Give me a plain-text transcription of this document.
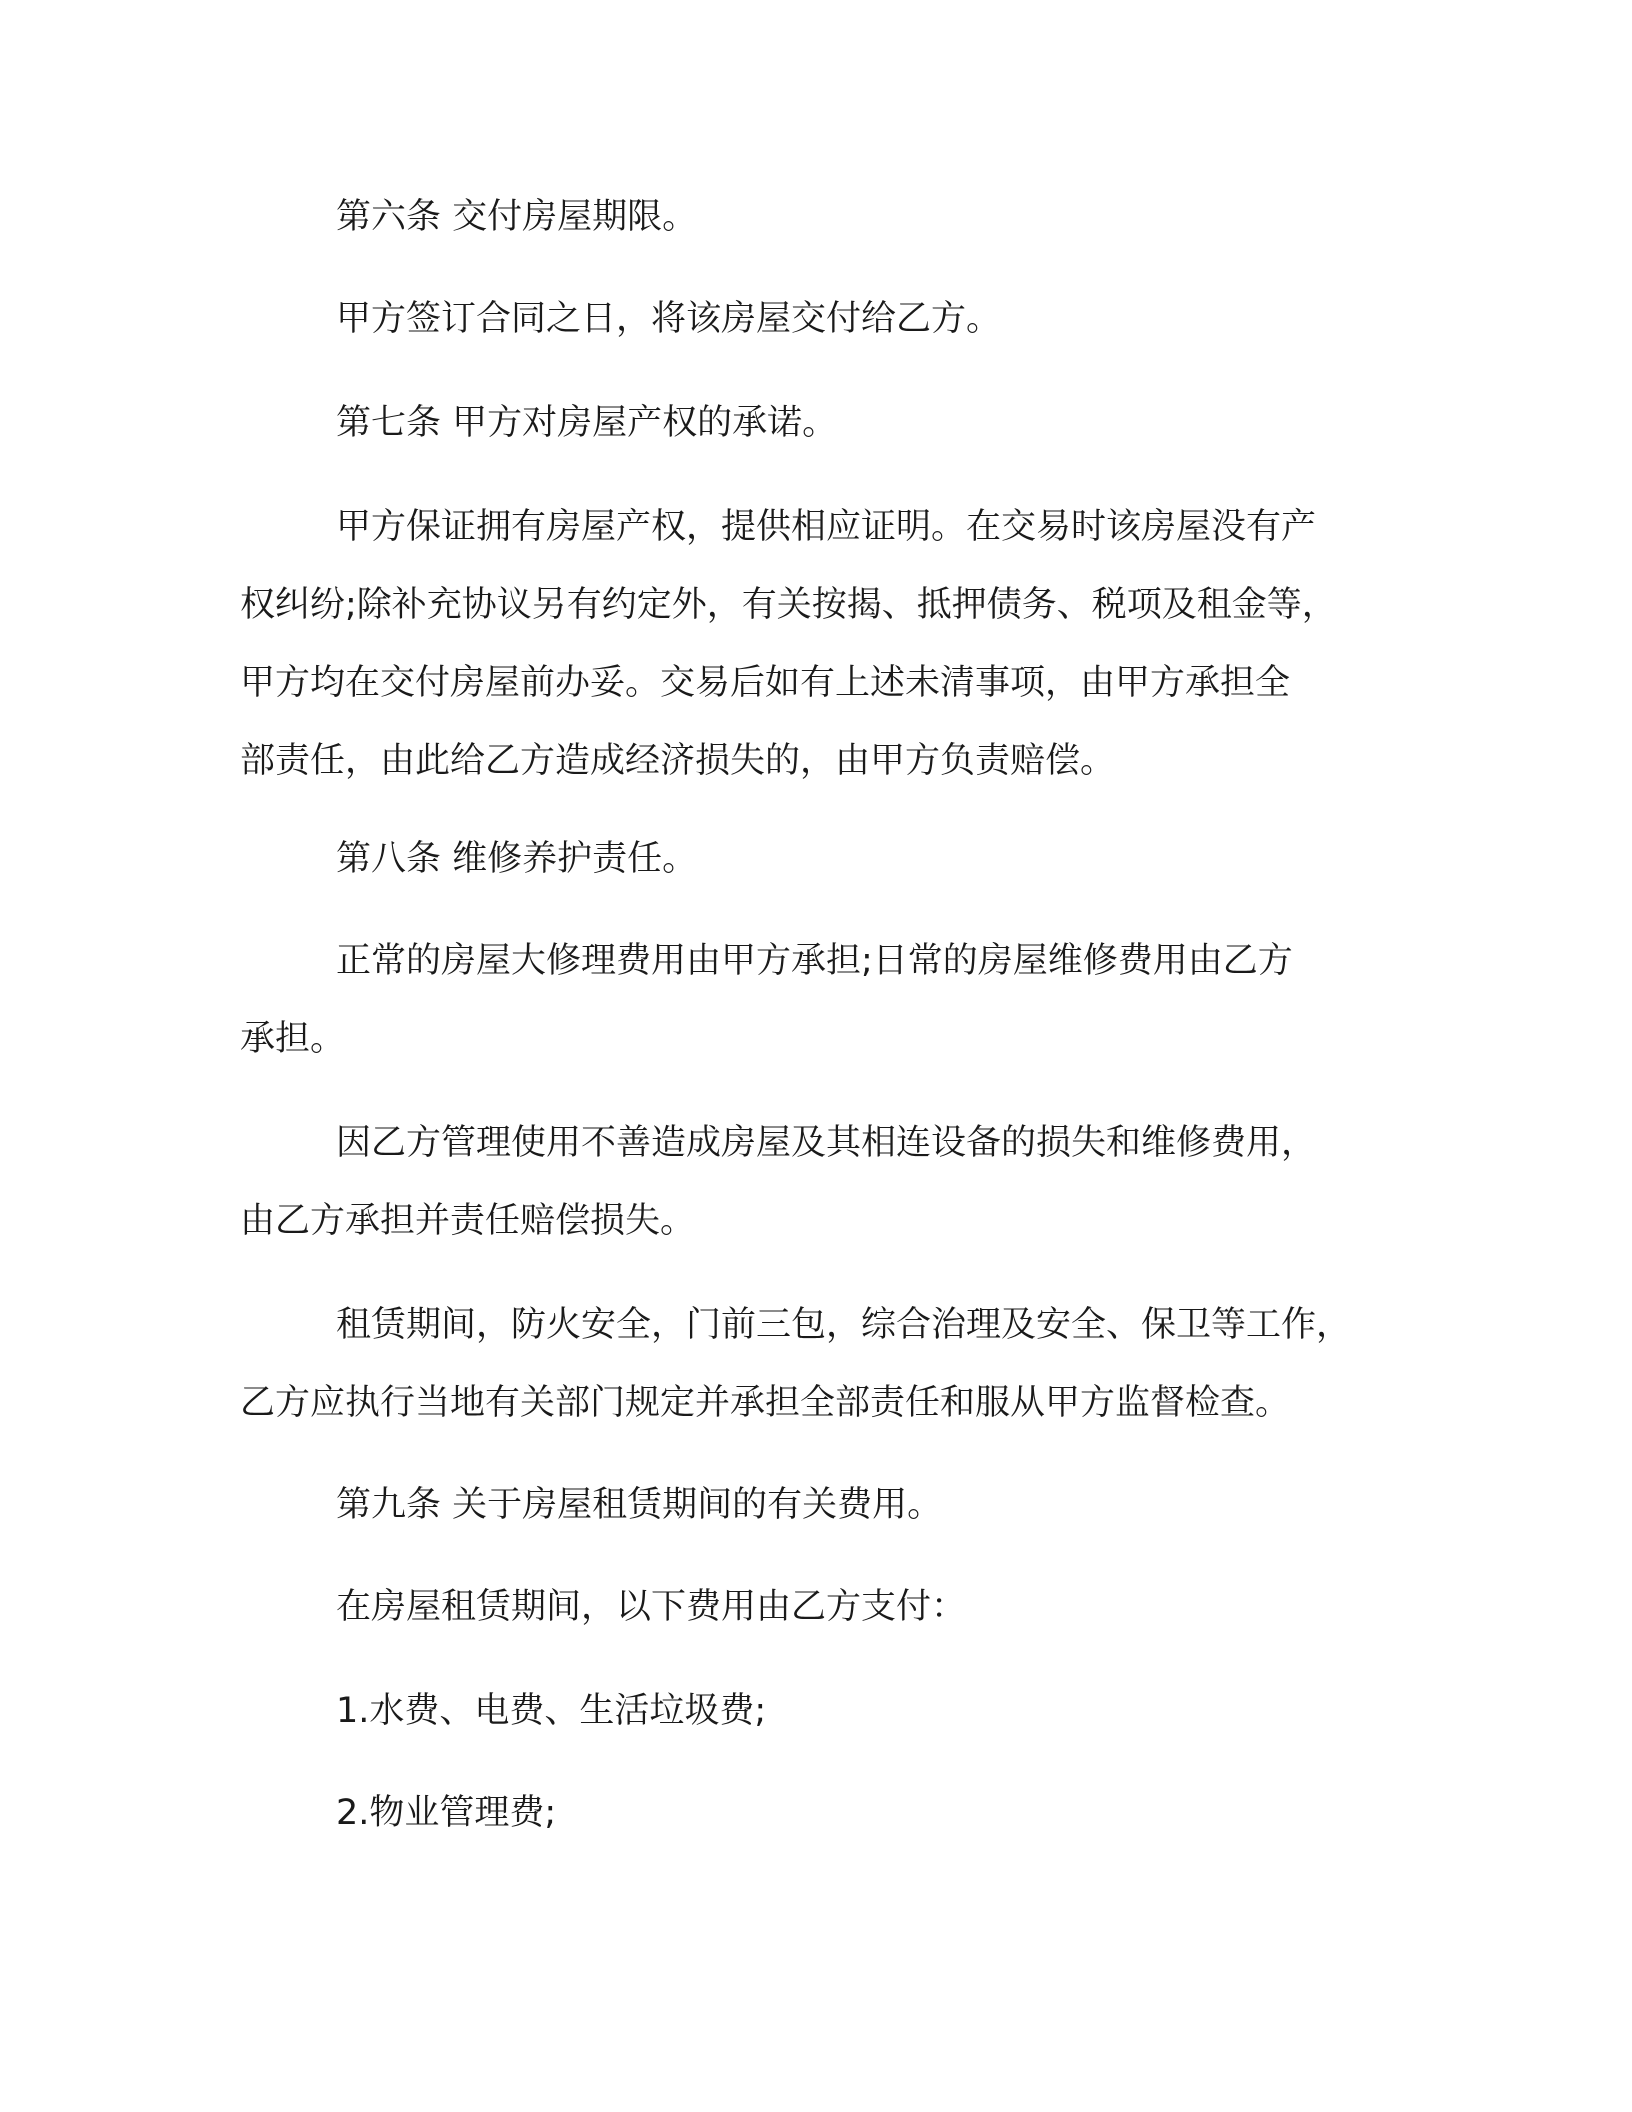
第六条 交付房屋期限。

甲方签订合同之日，将该房屋交付给乙方。

第七条 甲方对房屋产权的承诺。

甲方保证拥有房屋产权，提供相应证明。在交易时该房屋没有产
权纠纷;除补充协议另有约定外，有关按揭、抵押债务、税项及租金等，
甲方均在交付房屋前办妥。交易后如有上述未清事项，由甲方承担全
部责任，由此给乙方造成经济损失的，由甲方负责赔偿。

第八条 维修养护责任。

正常的房屋大修理费用由甲方承担;日常的房屋维修费用由乙方
承担。

因乙方管理使用不善造成房屋及其相连设备的损失和维修费用，
由乙方承担并责任赔偿损失。

租赁期间，防火安全，门前三包，综合治理及安全、保卫等工作，
乙方应执行当地有关部门规定并承担全部责任和服从甲方监督检查。

第九条 关于房屋租赁期间的有关费用。

在房屋租赁期间，以下费用由乙方支付：

1.水费、电费、生活垃圾费;

2.物业管理费;
